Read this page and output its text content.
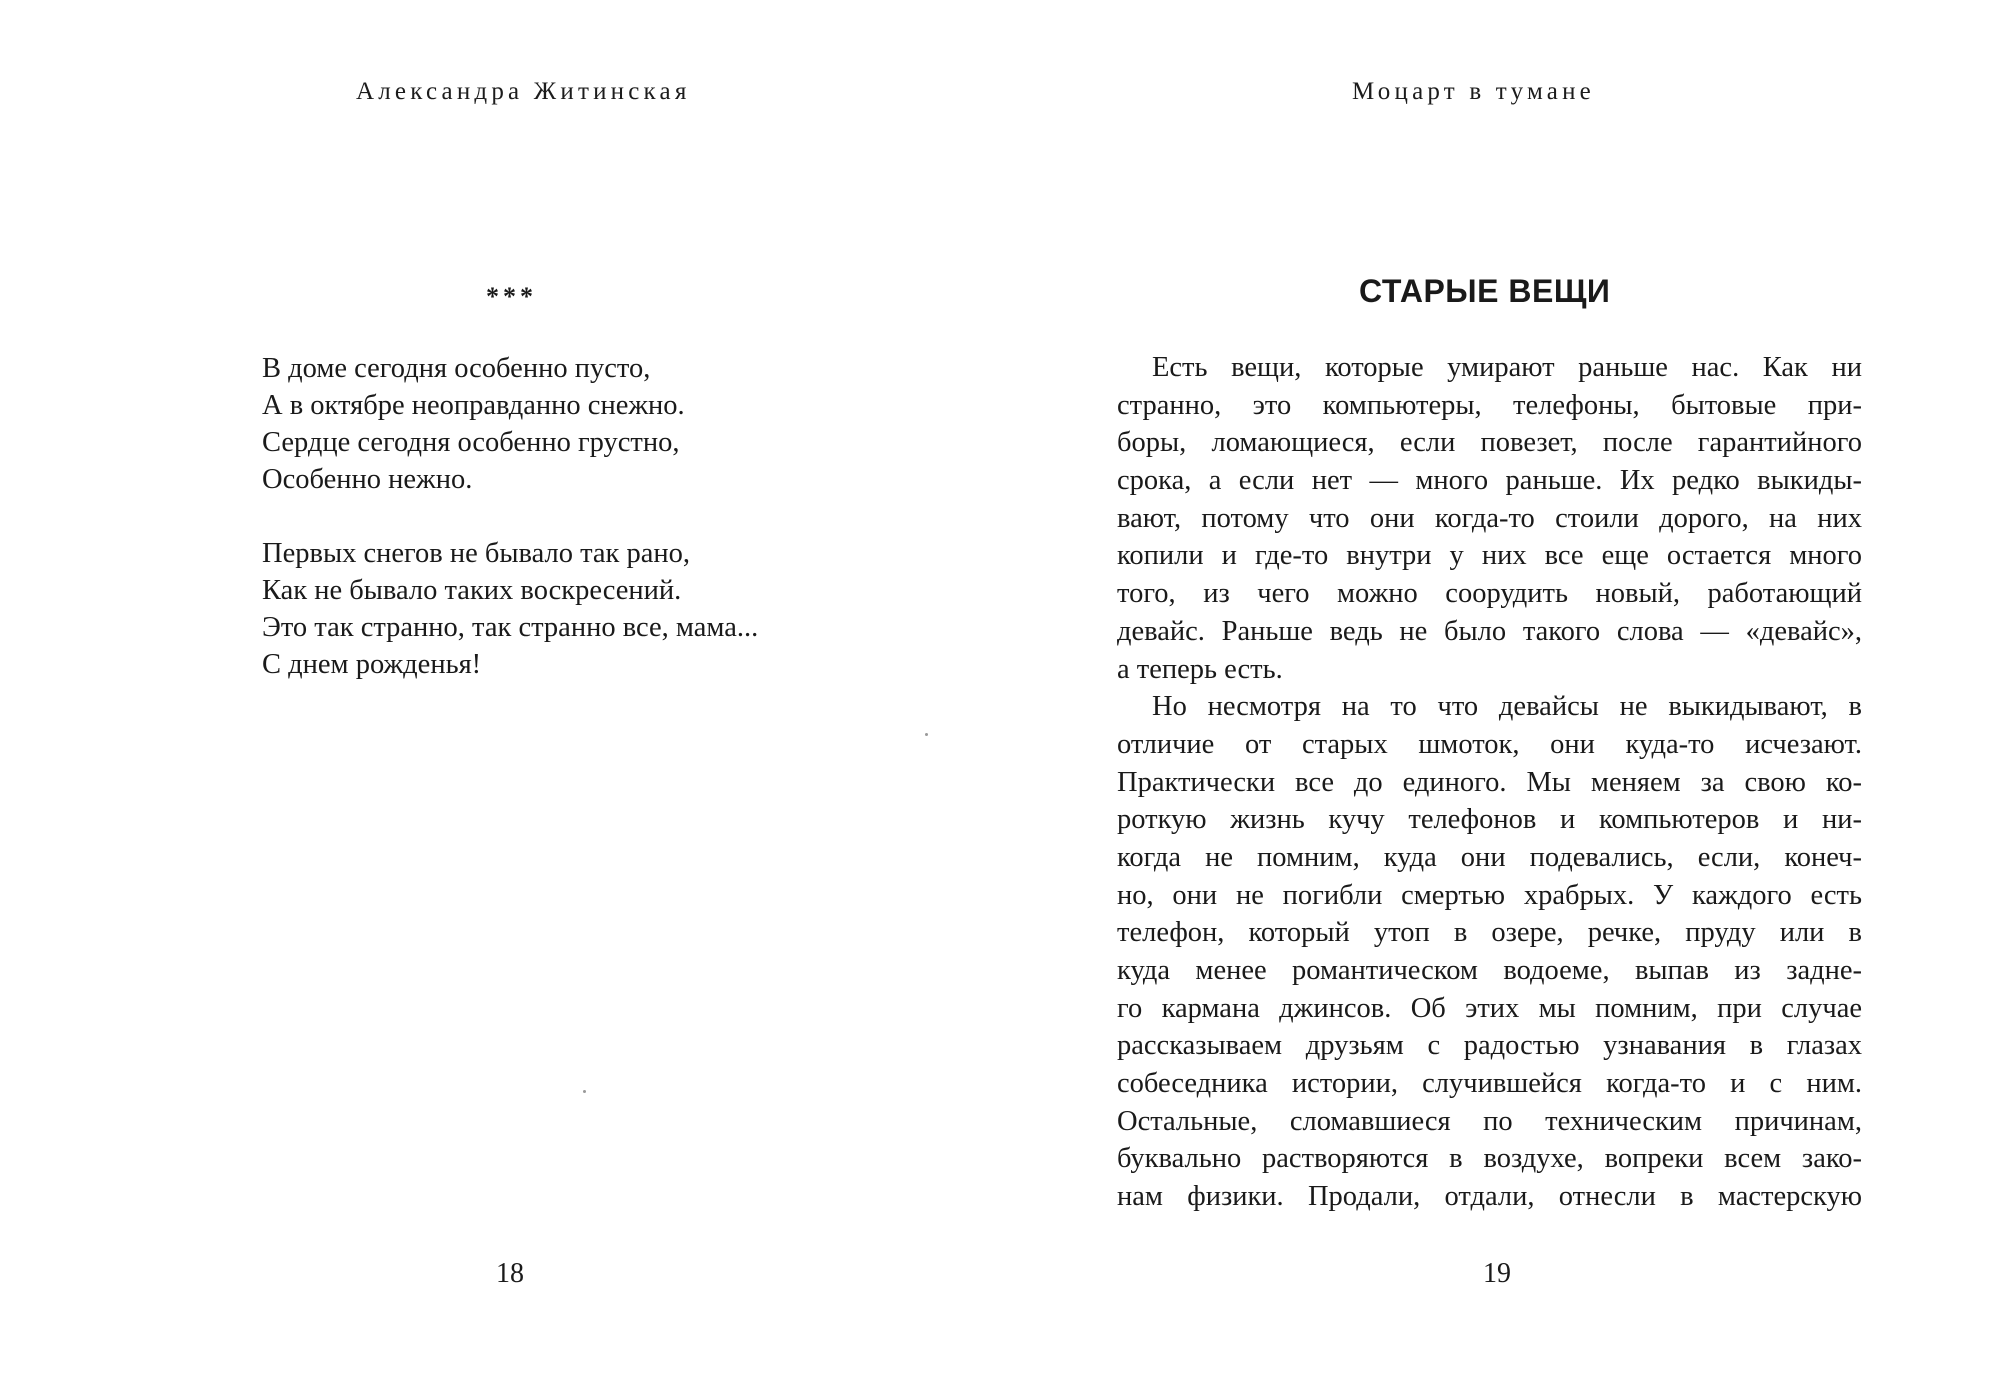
Александра Житинская
***
В доме сегодня особенно пусто,
А в октябре неоправданно снежно.
Сердце сегодня особенно грустно,
Особенно нежно.
Первых снегов не бывало так рано,
Как не бывало таких воскресений.
Это так странно, так странно все, мама...
С днем рожденья!
18
Моцарт в тумане
СТАРЫЕ ВЕЩИ
Есть вещи, которые умирают раньше нас. Как ни
странно, это компьютеры, телефоны, бытовые при-
боры, ломающиеся, если повезет, после гарантийного
срока, а если нет — много раньше. Их редко выкиды-
вают, потому что они когда-то стоили дорого, на них
копили и где-то внутри у них все еще остается много
того, из чего можно соорудить новый, работающий
девайс. Раньше ведь не было такого слова — «девайс»,
а теперь есть.
Но несмотря на то что девайсы не выкидывают, в
отличие от старых шмоток, они куда-то исчезают.
Практически все до единого. Мы меняем за свою ко-
роткую жизнь кучу телефонов и компьютеров и ни-
когда не помним, куда они подевались, если, конеч-
но, они не погибли смертью храбрых. У каждого есть
телефон, который утоп в озере, речке, пруду или в
куда менее романтическом водоеме, выпав из задне-
го кармана джинсов. Об этих мы помним, при случае
рассказываем друзьям с радостью узнавания в глазах
собеседника истории, случившейся когда-то и с ним.
Остальные, сломавшиеся по техническим причинам,
буквально растворяются в воздухе, вопреки всем зако-
нам физики. Продали, отдали, отнесли в мастерскую
19
